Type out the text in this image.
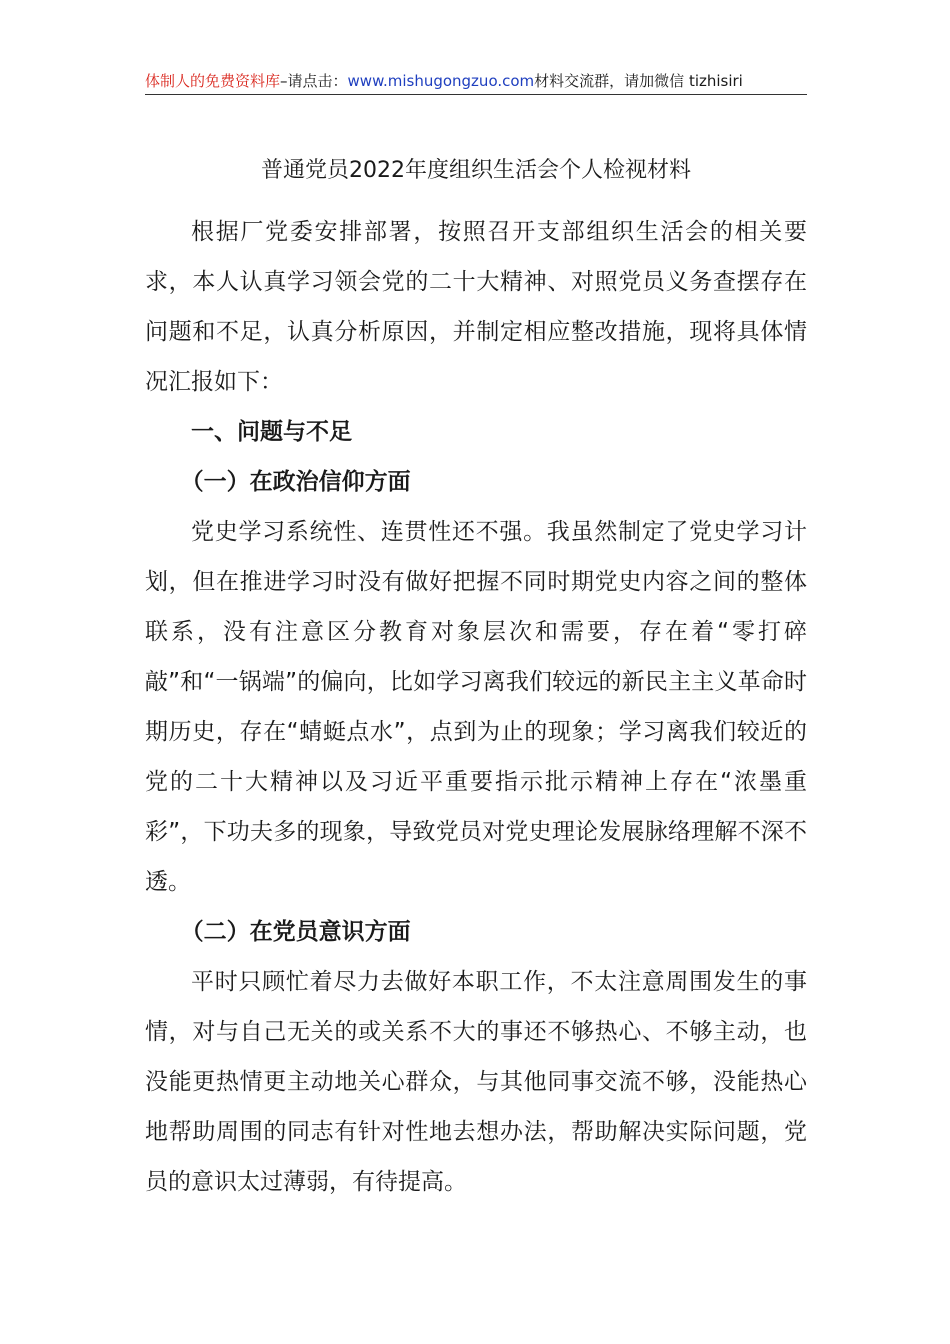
体制人的免费资料库–请点击：www.mishugongzuo.com材料交流群，请加微信 tizhisiri
普通党员2022年度组织生活会个人检视材料

根据厂党委安排部署，按照召开支部组织生活会的相关要求，本人认真学习领会党的二十大精神、对照党员义务查摆存在问题和不足，认真分析原因，并制定相应整改措施，现将具体情况汇报如下：

一、问题与不足

（一）在政治信仰方面

党史学习系统性、连贯性还不强。我虽然制定了党史学习计划，但在推进学习时没有做好把握不同时期党史内容之间的整体联系，没有注意区分教育对象层次和需要，存在着“零打碎敲”和“一锅端”的偏向，比如学习离我们较远的新民主主义革命时期历史，存在“蜻蜓点水”，点到为止的现象；学习离我们较近的党的二十大精神以及习近平重要指示批示精神上存在“浓墨重彩”，下功夫多的现象，导致党员对党史理论发展脉络理解不深不透。

（二）在党员意识方面

平时只顾忙着尽力去做好本职工作，不太注意周围发生的事情，对与自己无关的或关系不大的事还不够热心、不够主动，也没能更热情更主动地关心群众，与其他同事交流不够，没能热心地帮助周围的同志有针对性地去想办法，帮助解决实际问题，党员的意识太过薄弱，有待提高。
